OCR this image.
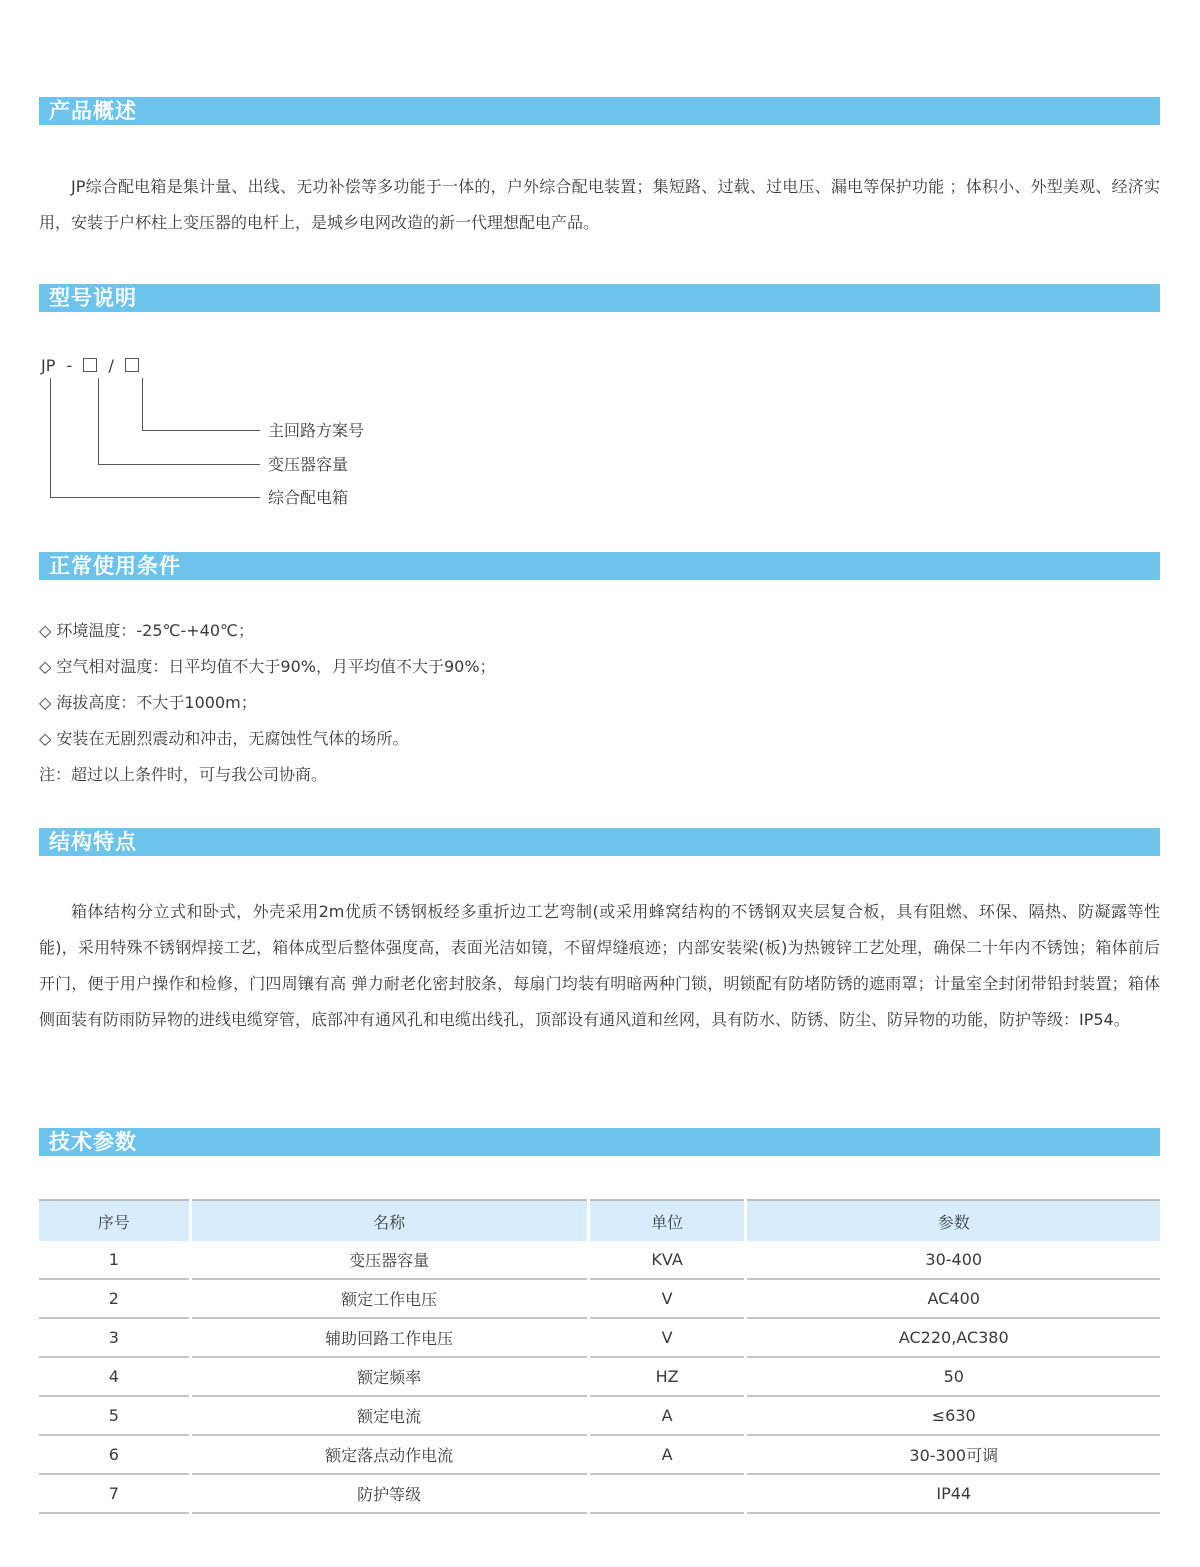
产品概述

JP综合配电箱是集计量、出线、无功补偿等多功能于一体的，户外综合配电装置；集短路、过载、过电压、漏电等保护功能 ；体积小、外型美观、经济实用，安装于户杯柱上变压器的电杆上，是城乡电网改造的新一代理想配电产品。

型号说明
JP - /
主回路方案号
变压器容量
综合配电箱
正常使用条件
◇ 环境温度：-25℃-+40℃；
◇ 空气相对温度：日平均值不大于90%，月平均值不大于90%；
◇ 海拔高度：不大于1000m；
◇ 安装在无剧烈震动和冲击，无腐蚀性气体的场所。
注：超过以上条件时，可与我公司协商。
结构特点

箱体结构分立式和卧式，外壳采用2m优质不锈钢板经多重折边工艺弯制(或采用蜂窝结构的不锈钢双夹层复合板，具有阻燃、环保、隔热、防凝露等性能)，采用特殊不锈钢焊接工艺，箱体成型后整体强度高，表面光洁如镜，不留焊缝痕迹；内部安装梁(板)为热镀锌工艺处理，确保二十年内不锈蚀；箱体前后开门，便于用户操作和检修，门四周镶有高 弹力耐老化密封胶条，每扇门均装有明暗两种门锁，明锁配有防堵防锈的遮雨罩；计量室全封闭带铅封装置；箱体侧面装有防雨防异物的进线电缆穿管，底部冲有通风孔和电缆出线孔，顶部设有通风道和丝网，具有防水、防锈、防尘、防异物的功能，防护等级：IP54。

技术参数
序号	名称	单位	参数
1	变压器容量	KVA	30-400
2	额定工作电压	V	AC400
3	辅助回路工作电压	V	AC220,AC380
4	额定频率	HZ	50
5	额定电流	A	≤630
6	额定落点动作电流	A	30-300可调
7	防护等级		IP44
